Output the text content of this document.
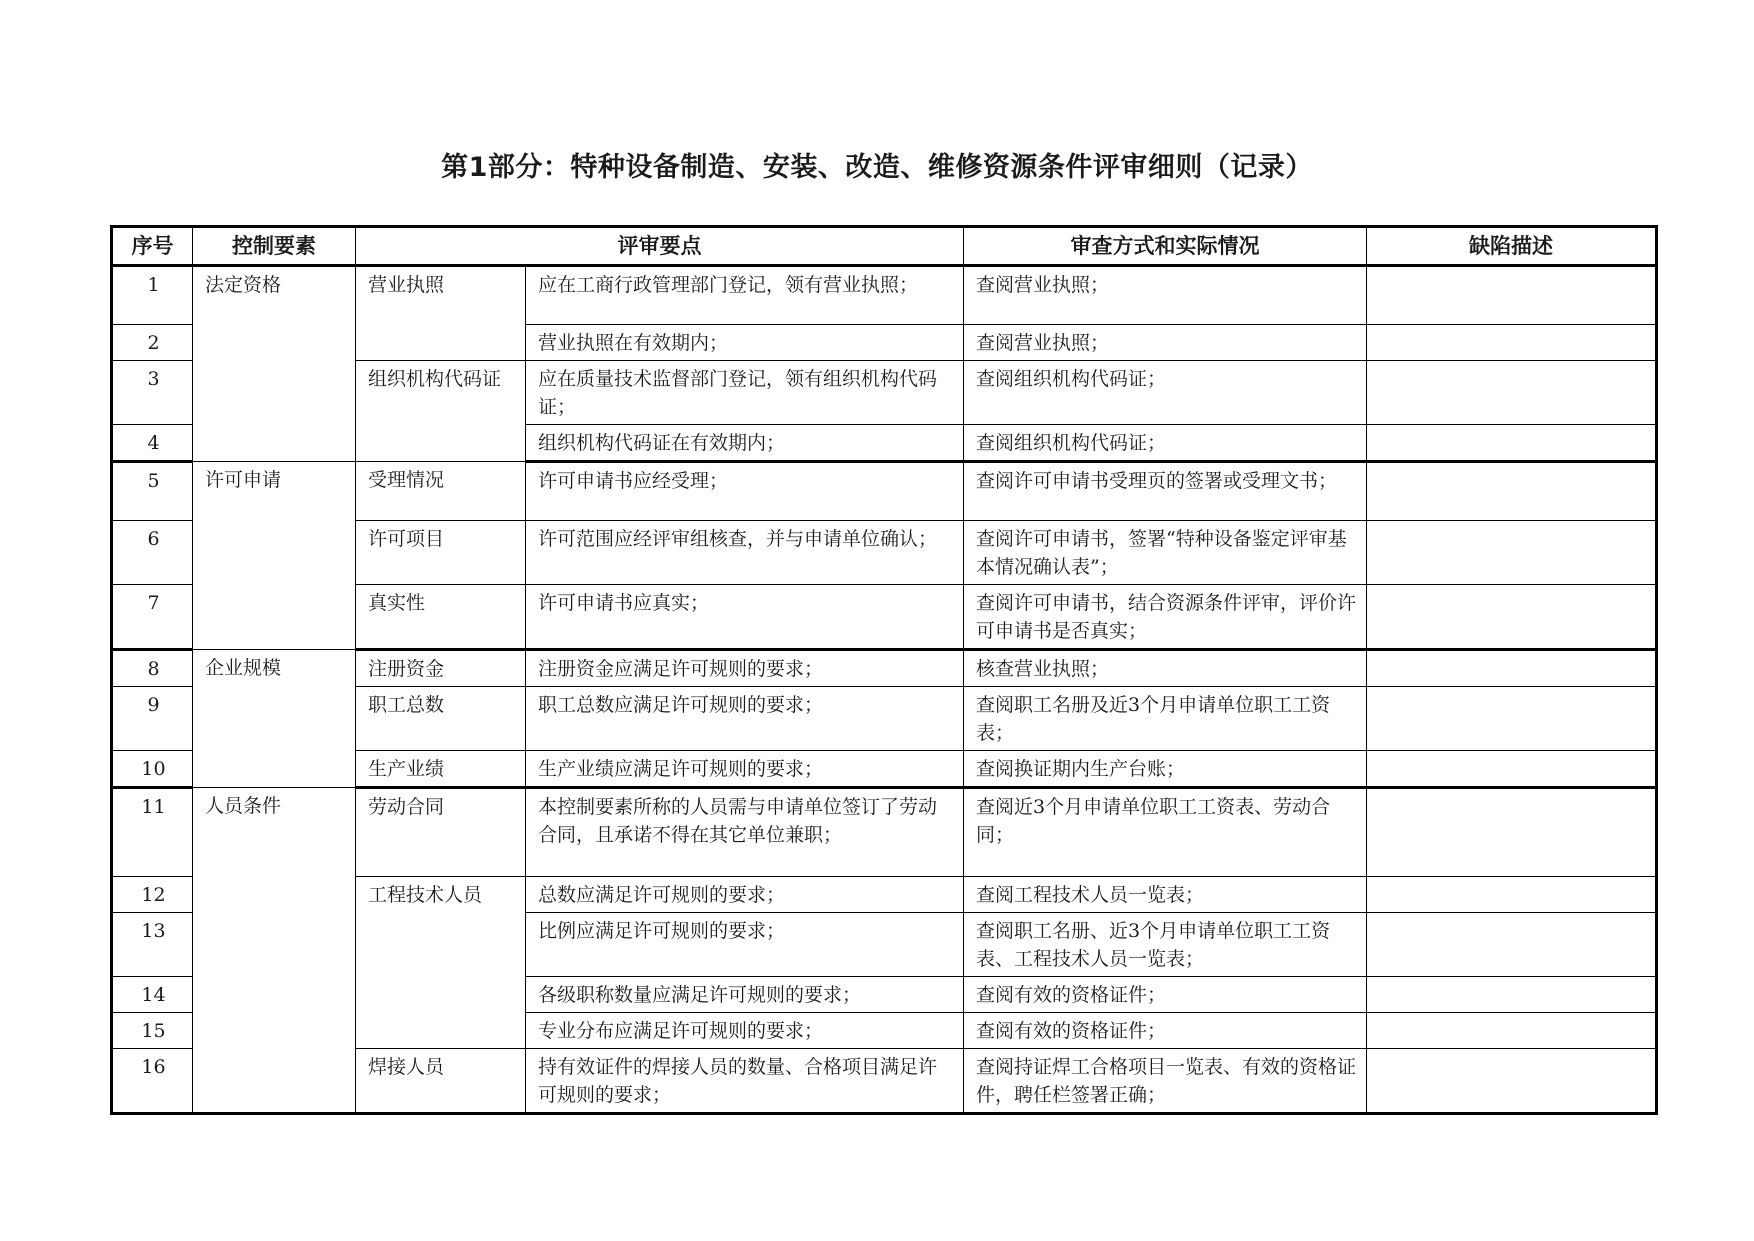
第1部分：特种设备制造、安装、改造、维修资源条件评审细则（记录）
序号	控制要素	评审要点		审查方式和实际情况	缺陷描述
1	法定资格	营业执照	应在工商行政管理部门登记，领有营业执照；	查阅营业执照；	
2			营业执照在有效期内；	查阅营业执照；	
3		组织机构代码证	应在质量技术监督部门登记，领有组织机构代码证；	查阅组织机构代码证；	
4			组织机构代码证在有效期内；	查阅组织机构代码证；	
5	许可申请	受理情况	许可申请书应经受理；	查阅许可申请书受理页的签署或受理文书；	
6		许可项目	许可范围应经评审组核查，并与申请单位确认；	查阅许可申请书，签署“特种设备鉴定评审基本情况确认表”；	
7		真实性	许可申请书应真实；	查阅许可申请书，结合资源条件评审，评价许可申请书是否真实；	
8	企业规模	注册资金	注册资金应满足许可规则的要求；	核查营业执照；	
9		职工总数	职工总数应满足许可规则的要求；	查阅职工名册及近3个月申请单位职工工资表；	
10		生产业绩	生产业绩应满足许可规则的要求；	查阅换证期内生产台账；	
11	人员条件	劳动合同	本控制要素所称的人员需与申请单位签订了劳动合同，且承诺不得在其它单位兼职；	查阅近3个月申请单位职工工资表、劳动合同；	
12		工程技术人员	总数应满足许可规则的要求；	查阅工程技术人员一览表；	
13			比例应满足许可规则的要求；	查阅职工名册、近3个月申请单位职工工资表、工程技术人员一览表；	
14			各级职称数量应满足许可规则的要求；	查阅有效的资格证件；	
15			专业分布应满足许可规则的要求；	查阅有效的资格证件；	
16		焊接人员	持有效证件的焊接人员的数量、合格项目满足许可规则的要求；	查阅持证焊工合格项目一览表、有效的资格证件，聘任栏签署正确；	
